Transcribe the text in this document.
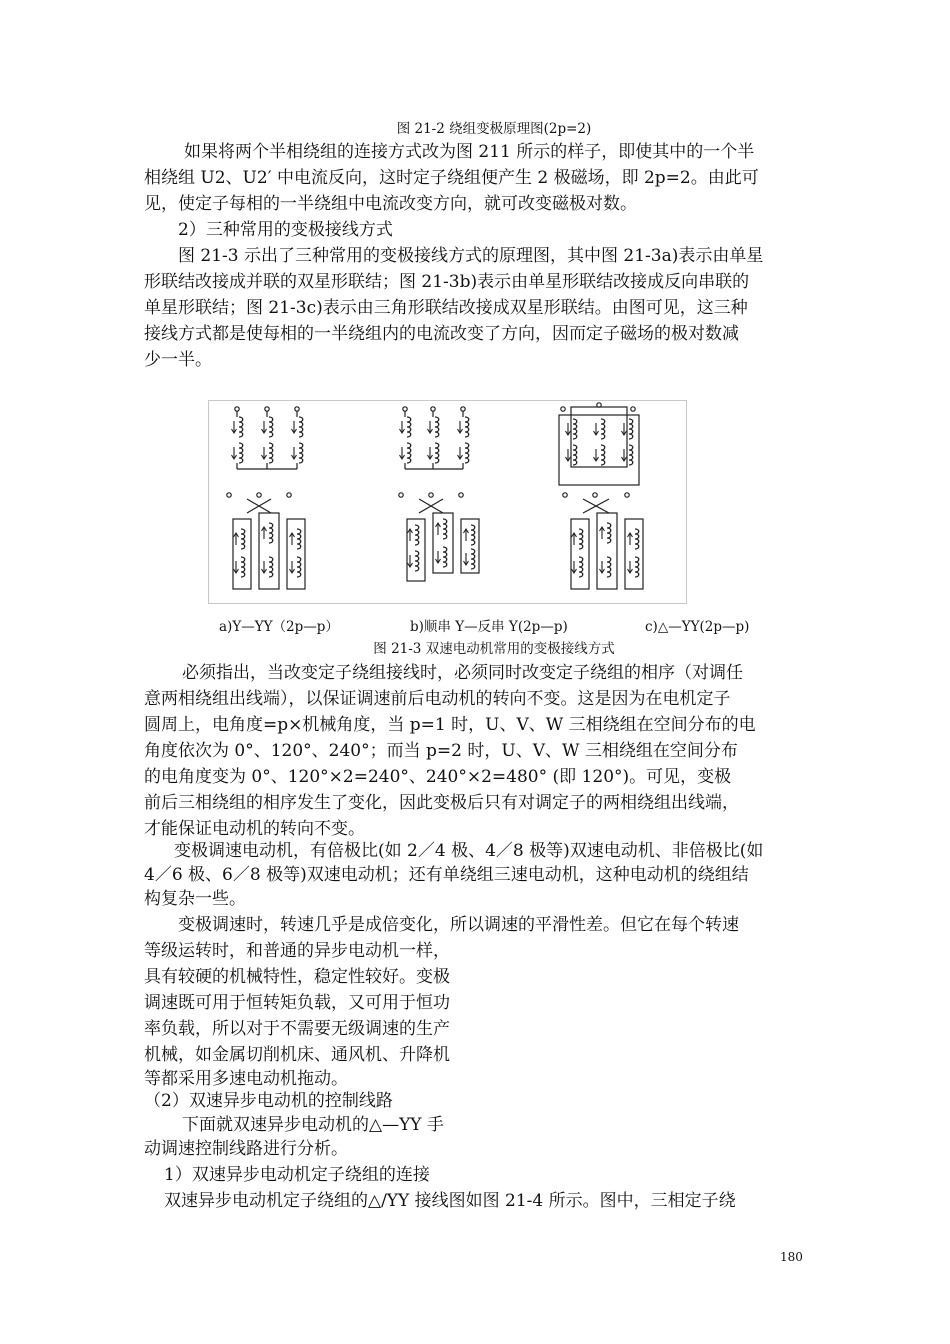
图 21-2 绕组变极原理图(2p=2)
如果将两个半相绕组的连接方式改为图 211 所示的样子，即使其中的一个半
相绕组 U2、U2′ 中电流反向，这时定子绕组便产生 2 极磁场，即 2p=2。由此可
见，使定子每相的一半绕组中电流改变方向，就可改变磁极对数。
2）三种常用的变极接线方式
图 21-3 示出了三种常用的变极接线方式的原理图，其中图 21-3a)表示由单星
形联结改接成并联的双星形联结；图 21-3b)表示由单星形联结改接成反向串联的
单星形联结；图 21-3c)表示由三角形联结改接成双星形联结。由图可见，这三种
接线方式都是使每相的一半绕组内的电流改变了方向，因而定子磁场的极对数减
少一半。
a)Y—YY（2p—p）	b)顺串 Y—反串 Y(2p—p)	c)△—YY(2p—p)
图 21-3 双速电动机常用的变极接线方式
必须指出，当改变定子绕组接线时，必须同时改变定子绕组的相序（对调任
意两相绕组出线端），以保证调速前后电动机的转向不变。这是因为在电机定子
圆周上，电角度=p×机械角度，当 p=1 时，U、V、W 三相绕组在空间分布的电
角度依次为 0°、120°、240°；而当 p=2 时，U、V、W 三相绕组在空间分布
的电角度变为 0°、120°×2=240°、240°×2=480° (即 120°)。可见，变极
前后三相绕组的相序发生了变化，因此变极后只有对调定子的两相绕组出线端，
才能保证电动机的转向不变。
变极调速电动机，有倍极比(如 2／4 极、4／8 极等)双速电动机、非倍极比(如
4／6 极、6／8 极等)双速电动机；还有单绕组三速电动机，这种电动机的绕组结
构复杂一些。
变极调速时，转速几乎是成倍变化，所以调速的平滑性差。但它在每个转速
等级运转时，和普通的异步电动机一样，
具有较硬的机械特性，稳定性较好。变极
调速既可用于恒转矩负载，又可用于恒功
率负载，所以对于不需要无级调速的生产
机械，如金属切削机床、通风机、升降机
等都采用多速电动机拖动。
（2）双速异步电动机的控制线路
下面就双速异步电动机的△—YY 手
动调速控制线路进行分析。
1）双速异步电动机定子绕组的连接
双速异步电动机定子绕组的△/YY 接线图如图 21-4 所示。图中，三相定子绕
180
